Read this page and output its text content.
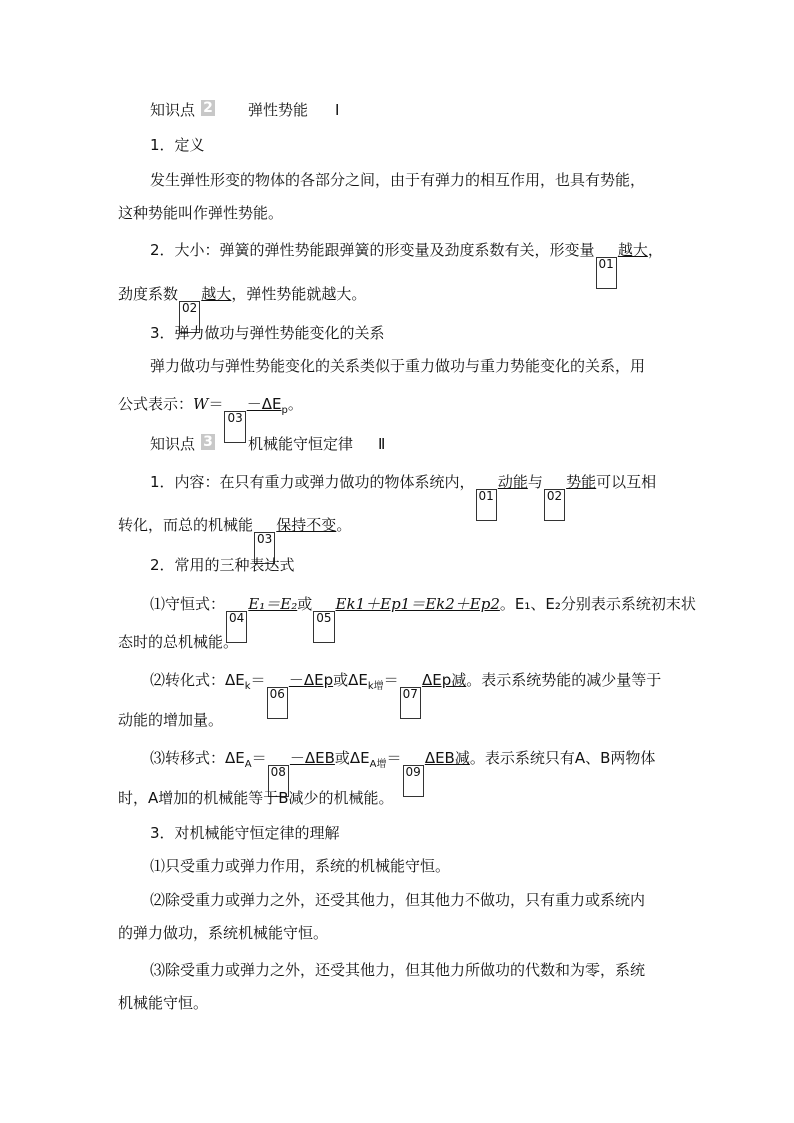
知识点 2 弹性势能 Ⅰ
1．定义
发生弹性形变的物体的各部分之间，由于有弹力的相互作用，也具有势能，
这种势能叫作弹性势能。
2．大小：弹簧的弹性势能跟弹簧的形变量及劲度系数有关，形变量01越大，
劲度系数02越大，弹性势能就越大。
3．弹力做功与弹性势能变化的关系
弹力做功与弹性势能变化的关系类似于重力做功与重力势能变化的关系，用
公式表示：$W=03-\Delta E_p$。
知识点 3 机械能守恒定律 Ⅱ
1．内容：在只有重力或弹力做功的物体系统内，01动能与02势能可以互相
转化，而总的机械能03保持不变。
2．常用的三种表达式
⑴守恒式：04E₁＝E₂或05Ek1＋Ep1＝Ek2＋Ep2。E₁、E₂分别表示系统初末状
态时的总机械能。
⑵转化式：$\Delta E_k=06-\Delta Ep$或$\Delta E_{k增}=07\Delta Ep$减。表示系统势能的减少量等于
动能的增加量。
⑶转移式：$\Delta E_A=08-\Delta EB$或$\Delta E_{A增}=09\Delta EB$减。表示系统只有A、B两物体
时，A增加的机械能等于B减少的机械能。
3．对机械能守恒定律的理解
⑴只受重力或弹力作用，系统的机械能守恒。
⑵除受重力或弹力之外，还受其他力，但其他力不做功，只有重力或系统内
的弹力做功，系统机械能守恒。
⑶除受重力或弹力之外，还受其他力，但其他力所做功的代数和为零，系统
机械能守恒。
